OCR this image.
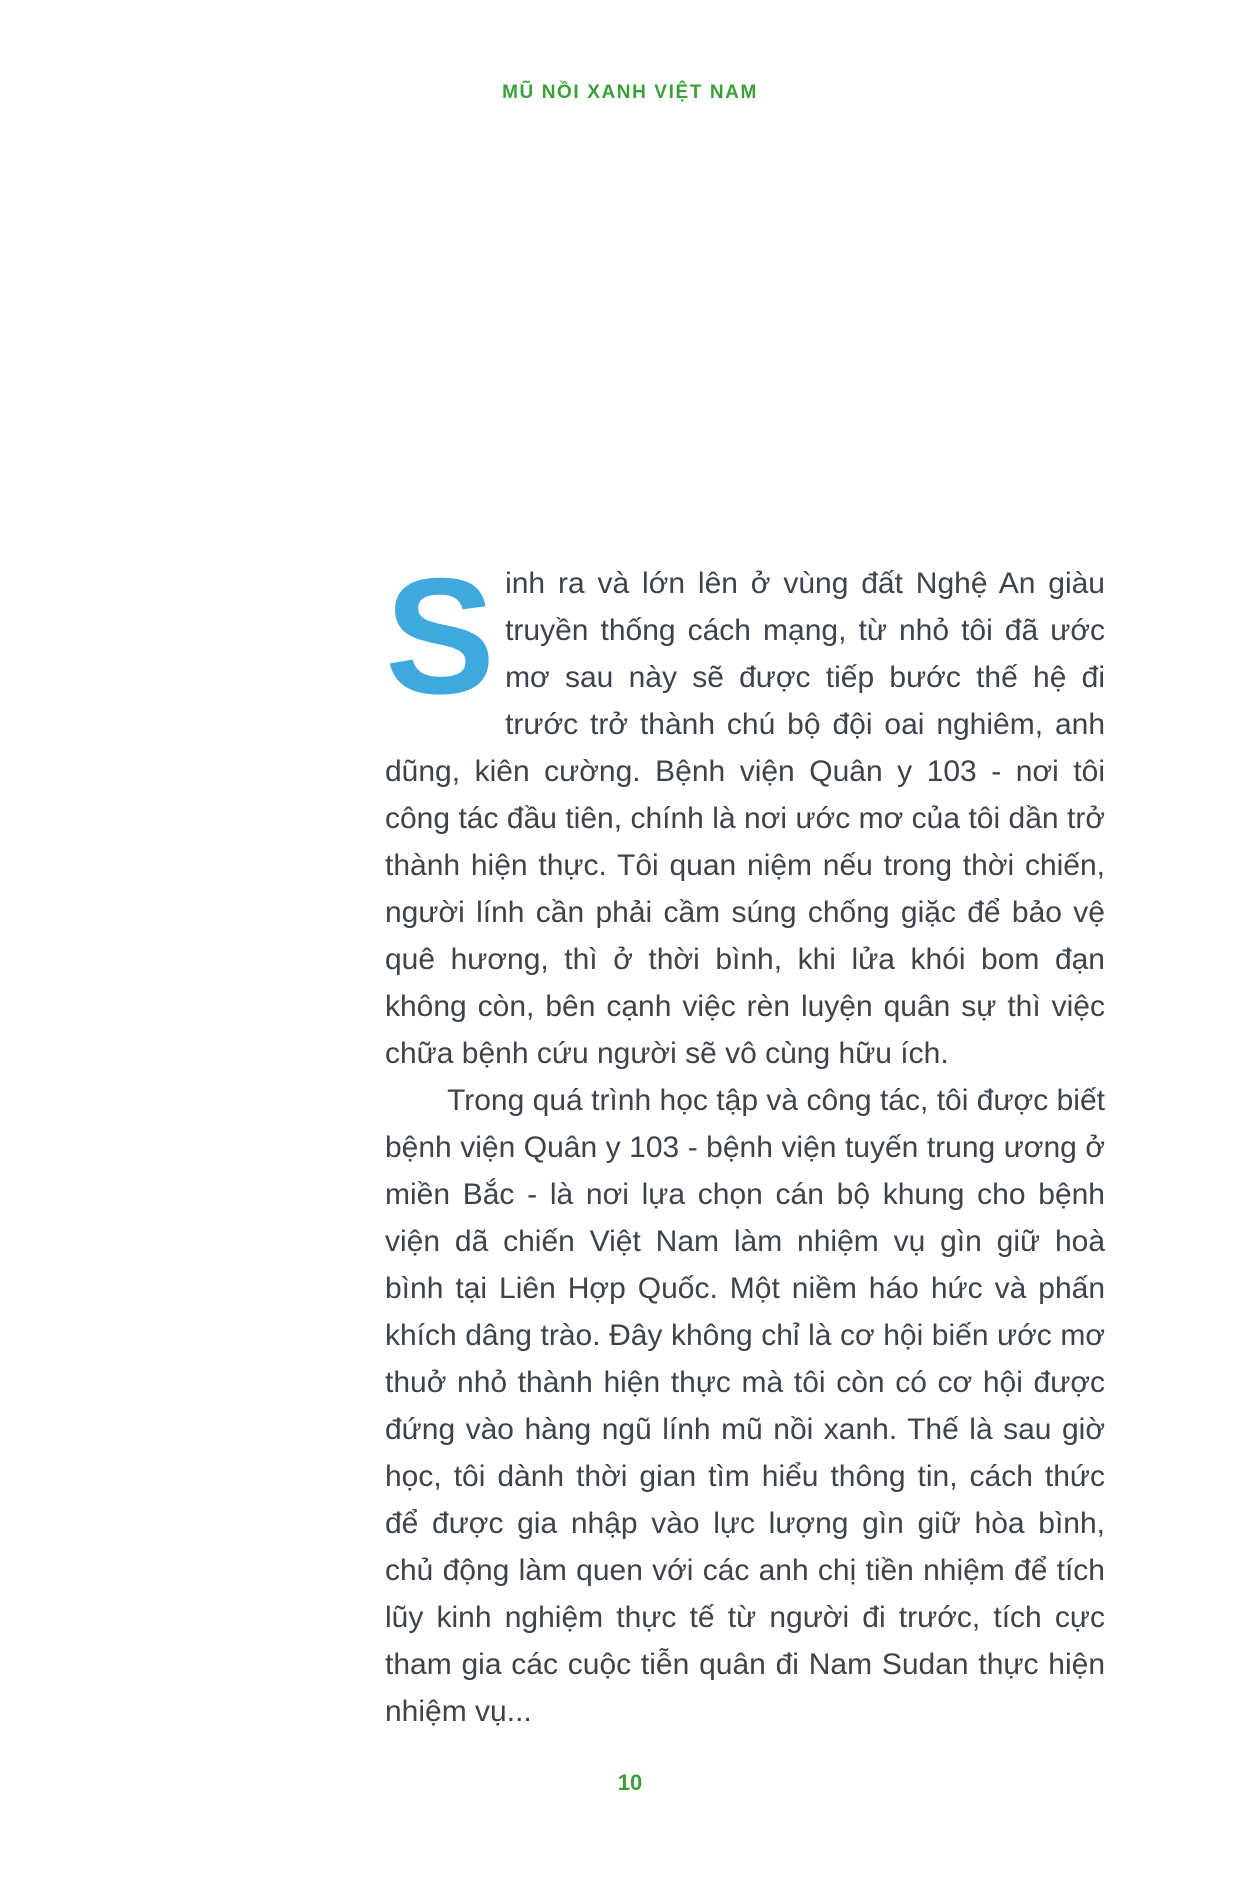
MŨ NỒI XANH VIỆT NAM

Sinh ra và lớn lên ở vùng đất Nghệ An giàu truyền thống cách mạng, từ nhỏ tôi đã ước mơ sau này sẽ được tiếp bước thế hệ đi trước trở thành chú bộ đội oai nghiêm, anh dũng, kiên cường. Bệnh viện Quân y 103 - nơi tôi công tác đầu tiên, chính là nơi ước mơ của tôi dần trở thành hiện thực. Tôi quan niệm nếu trong thời chiến, người lính cần phải cầm súng chống giặc để bảo vệ quê hương, thì ở thời bình, khi lửa khói bom đạn không còn, bên cạnh việc rèn luyện quân sự thì việc chữa bệnh cứu người sẽ vô cùng hữu ích.

Trong quá trình học tập và công tác, tôi được biết bệnh viện Quân y 103 - bệnh viện tuyến trung ương ở miền Bắc - là nơi lựa chọn cán bộ khung cho bệnh viện dã chiến Việt Nam làm nhiệm vụ gìn giữ hoà bình tại Liên Hợp Quốc. Một niềm háo hức và phấn khích dâng trào. Đây không chỉ là cơ hội biến ước mơ thuở nhỏ thành hiện thực mà tôi còn có cơ hội được đứng vào hàng ngũ lính mũ nồi xanh. Thế là sau giờ học, tôi dành thời gian tìm hiểu thông tin, cách thức để được gia nhập vào lực lượng gìn giữ hòa bình, chủ động làm quen với các anh chị tiền nhiệm để tích lũy kinh nghiệm thực tế từ người đi trước, tích cực tham gia các cuộc tiễn quân đi Nam Sudan thực hiện nhiệm vụ...

10
